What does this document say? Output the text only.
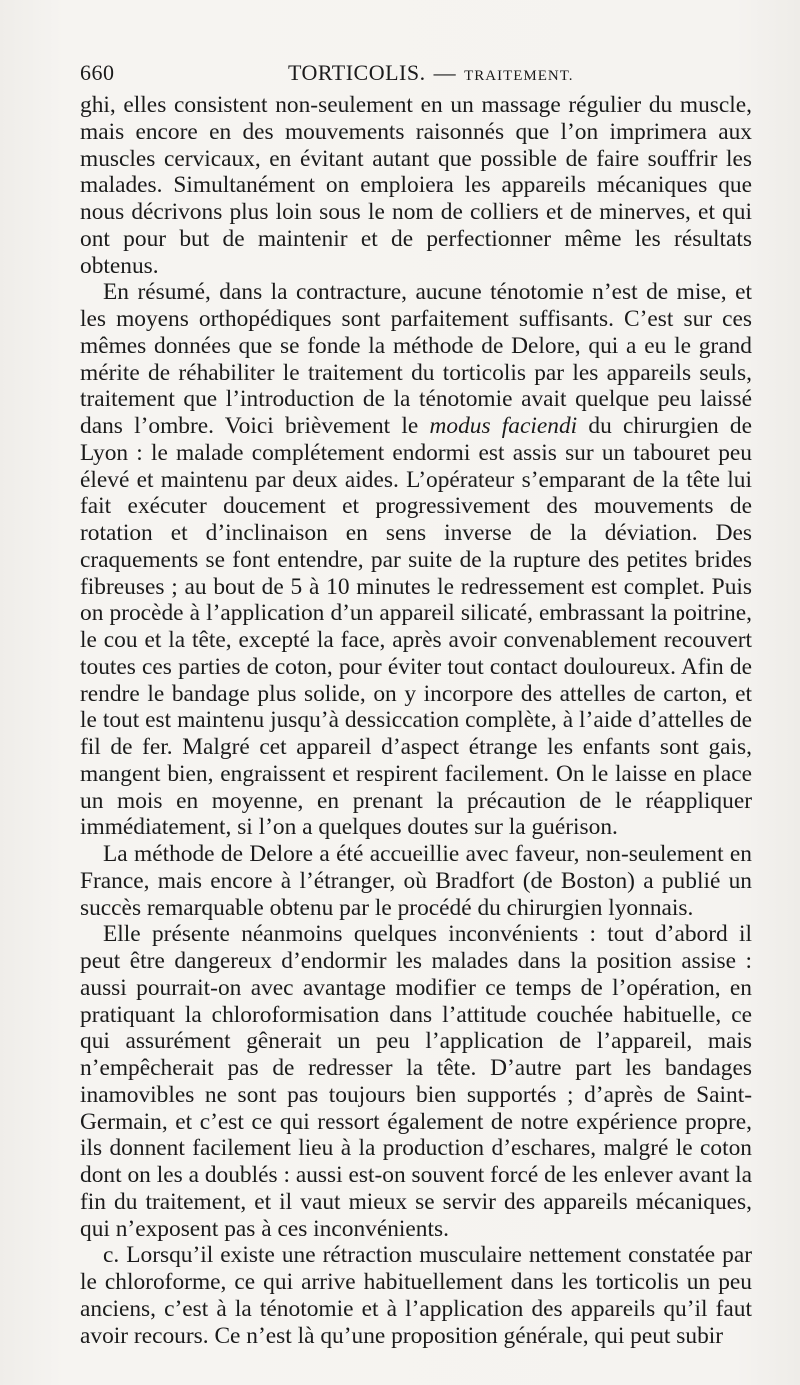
660	TORTICOLIS. — TRAITEMENT.

ghi, elles consistent non-seulement en un massage régulier du muscle, mais encore en des mouvements raisonnés que l’on imprimera aux muscles cervicaux, en évitant autant que possible de faire souffrir les malades. Simultanément on emploiera les appareils mécaniques que nous décrivons plus loin sous le nom de colliers et de minerves, et qui ont pour but de maintenir et de perfectionner même les résultats obtenus.

En résumé, dans la contracture, aucune ténotomie n’est de mise, et les moyens orthopédiques sont parfaitement suffisants. C’est sur ces mêmes données que se fonde la méthode de Delore, qui a eu le grand mérite de réhabiliter le traitement du torticolis par les appareils seuls, traitement que l’introduction de la ténotomie avait quelque peu laissé dans l’ombre. Voici brièvement le modus faciendi du chirurgien de Lyon : le malade complétement endormi est assis sur un tabouret peu élevé et maintenu par deux aides. L’opérateur s’emparant de la tête lui fait exécuter doucement et progressivement des mouvements de rotation et d’inclinaison en sens inverse de la déviation. Des craquements se font entendre, par suite de la rupture des petites brides fibreuses ; au bout de 5 à 10 minutes le redressement est complet. Puis on procède à l’application d’un appareil silicaté, embrassant la poitrine, le cou et la tête, excepté la face, après avoir convenablement recouvert toutes ces parties de coton, pour éviter tout contact douloureux. Afin de rendre le bandage plus solide, on y incorpore des attelles de carton, et le tout est maintenu jusqu’à dessiccation complète, à l’aide d’attelles de fil de fer. Malgré cet appareil d’aspect étrange les enfants sont gais, mangent bien, engraissent et respirent facilement. On le laisse en place un mois en moyenne, en prenant la précaution de le réappliquer immédiatement, si l’on a quelques doutes sur la guérison.

La méthode de Delore a été accueillie avec faveur, non-seulement en France, mais encore à l’étranger, où Bradfort (de Boston) a publié un succès remarquable obtenu par le procédé du chirurgien lyonnais.

Elle présente néanmoins quelques inconvénients : tout d’abord il peut être dangereux d’endormir les malades dans la position assise : aussi pourrait-on avec avantage modifier ce temps de l’opération, en pratiquant la chloroformisation dans l’attitude couchée habituelle, ce qui assurément gênerait un peu l’application de l’appareil, mais n’empêcherait pas de redresser la tête. D’autre part les bandages inamovibles ne sont pas toujours bien supportés ; d’après de Saint-Germain, et c’est ce qui ressort également de notre expérience propre, ils donnent facilement lieu à la production d’eschares, malgré le coton dont on les a doublés : aussi est-on souvent forcé de les enlever avant la fin du traitement, et il vaut mieux se servir des appareils mécaniques, qui n’exposent pas à ces inconvénients.

c. Lorsqu’il existe une rétraction musculaire nettement constatée par le chloroforme, ce qui arrive habituellement dans les torticolis un peu anciens, c’est à la ténotomie et à l’application des appareils qu’il faut avoir recours. Ce n’est là qu’une proposition générale, qui peut subir
